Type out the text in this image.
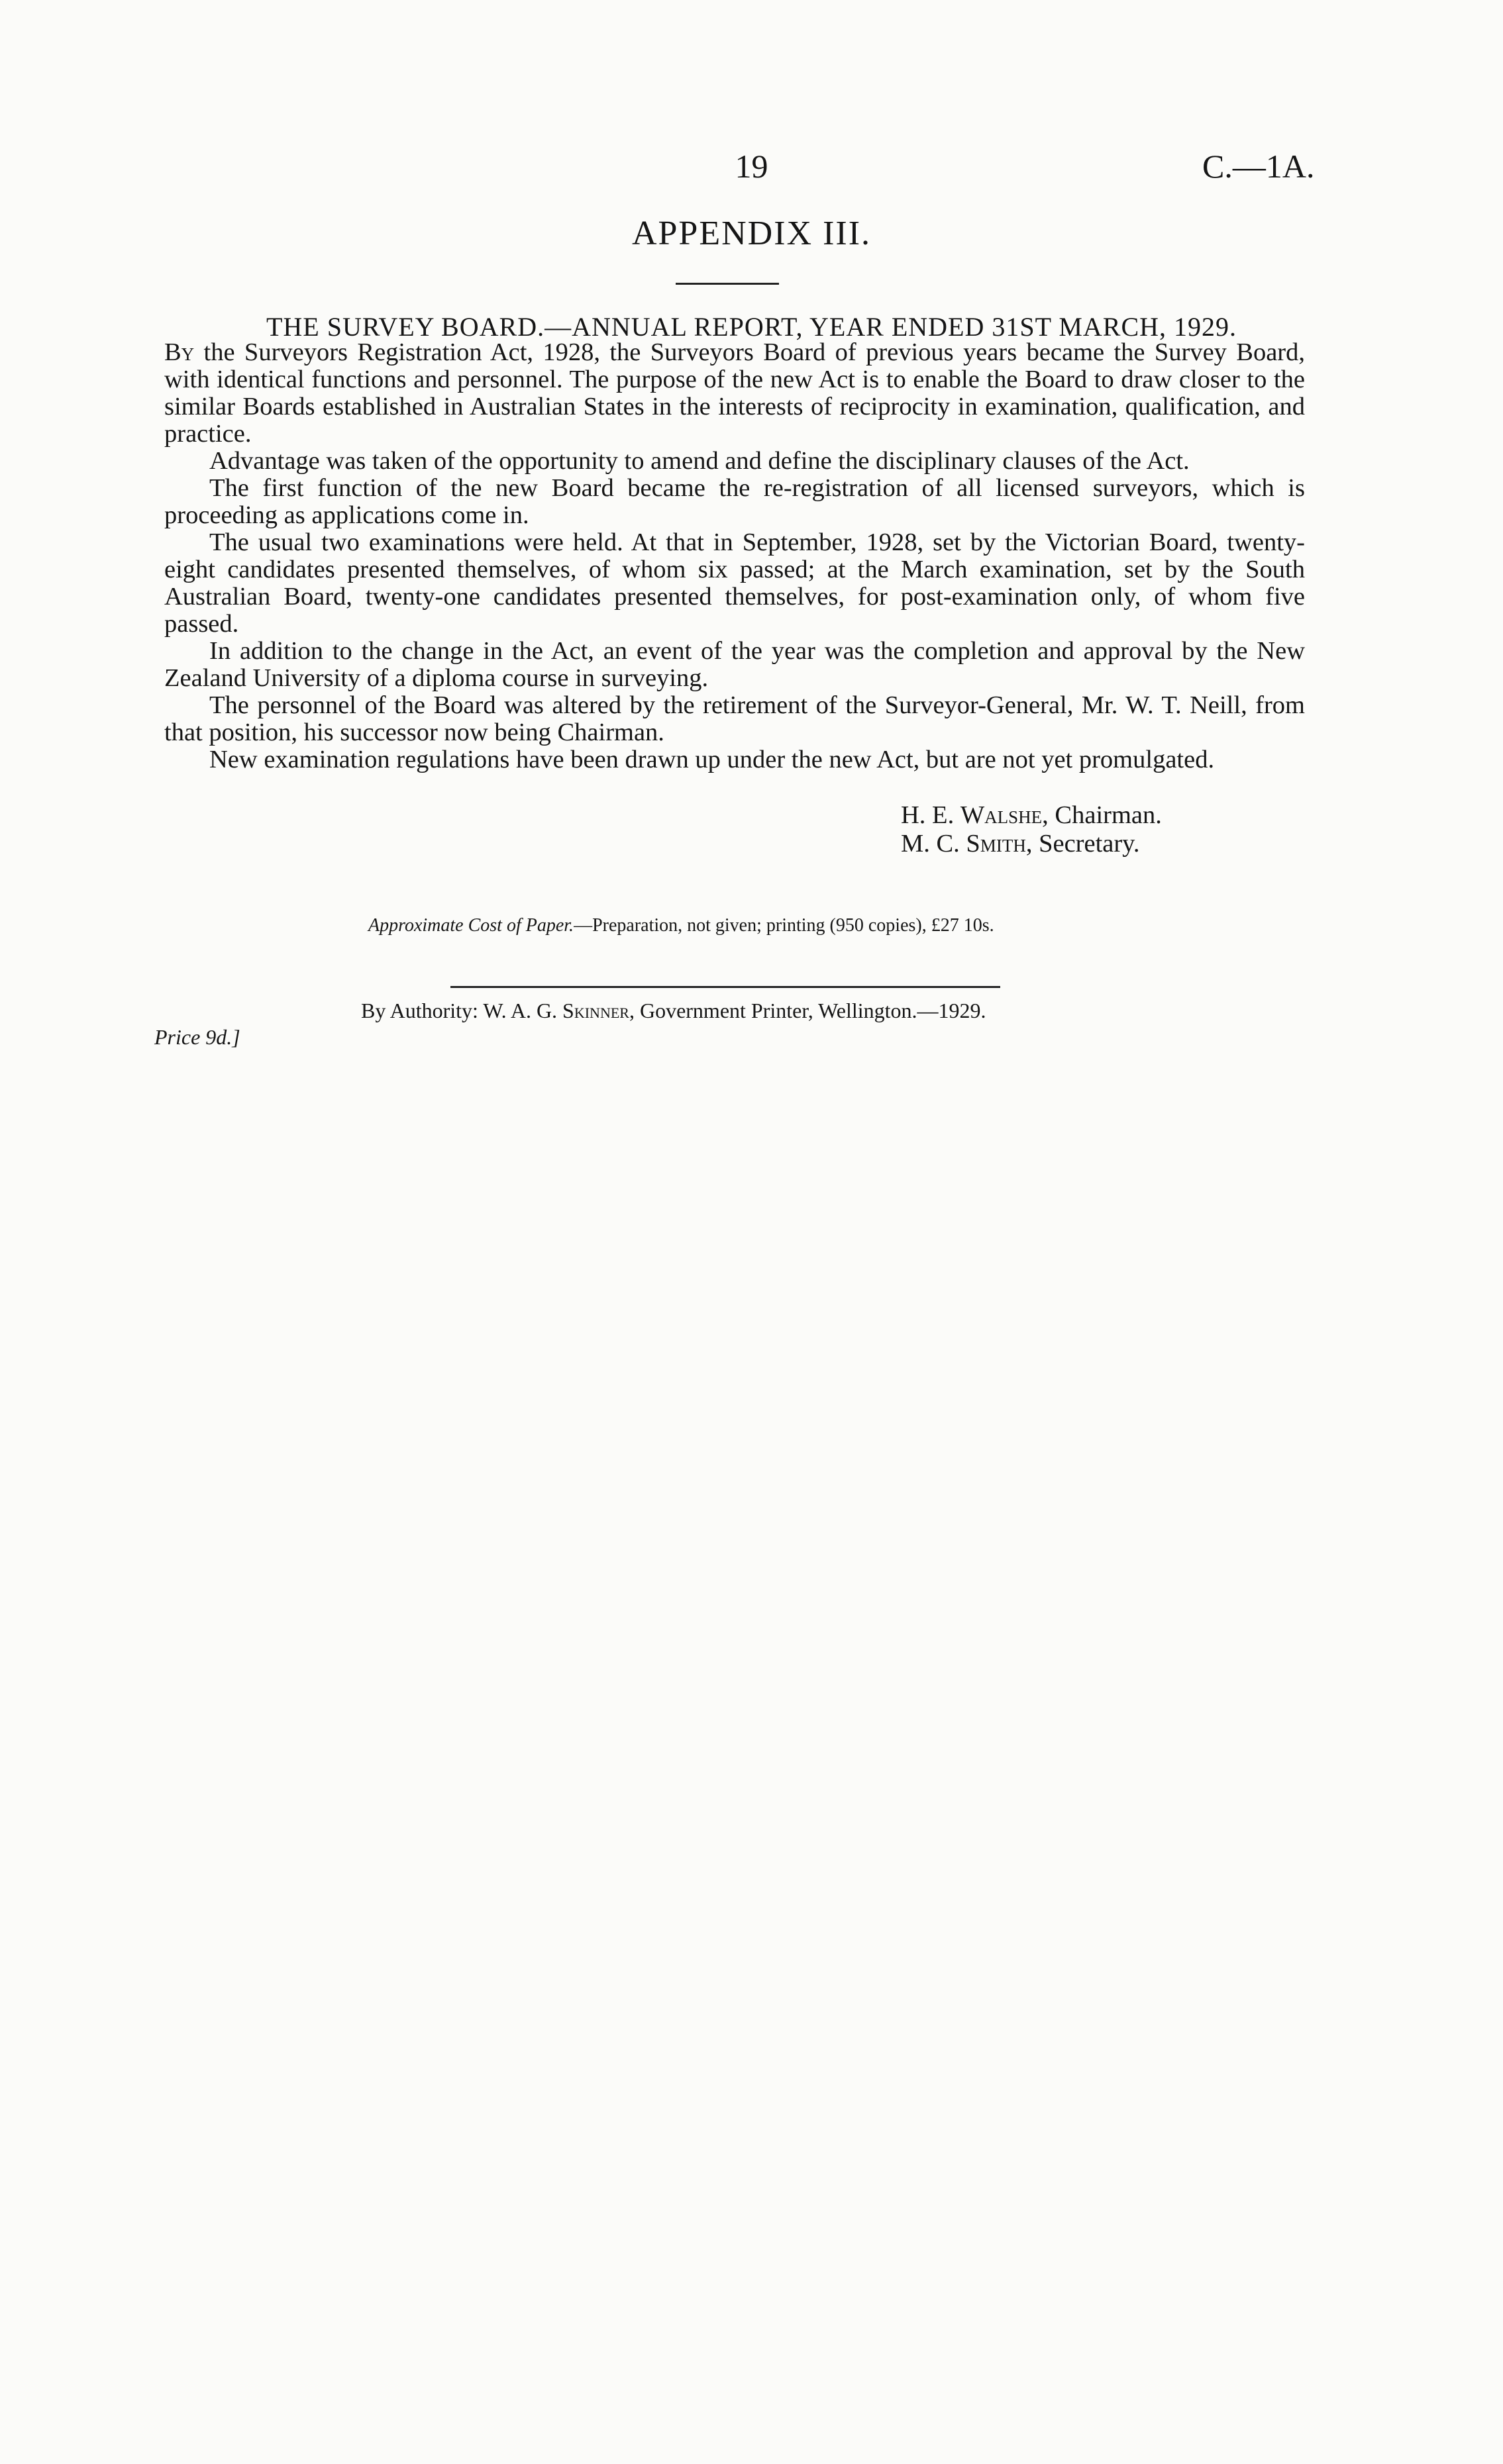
19	C.—1A.
APPENDIX III.
THE SURVEY BOARD.—ANNUAL REPORT, YEAR ENDED 31ST MARCH, 1929.

By the Surveyors Registration Act, 1928, the Surveyors Board of previous years became the Survey Board, with identical functions and personnel. The purpose of the new Act is to enable the Board to draw closer to the similar Boards established in Australian States in the interests of reciprocity in examination, qualification, and practice.

Advantage was taken of the opportunity to amend and define the disciplinary clauses of the Act.

The first function of the new Board became the re-registration of all licensed surveyors, which is proceeding as applications come in.

The usual two examinations were held. At that in September, 1928, set by the Victorian Board, twenty-eight candidates presented themselves, of whom six passed; at the March examination, set by the South Australian Board, twenty-one candidates presented themselves, for post-examination only, of whom five passed.

In addition to the change in the Act, an event of the year was the completion and approval by the New Zealand University of a diploma course in surveying.

The personnel of the Board was altered by the retirement of the Surveyor-General, Mr. W. T. Neill, from that position, his successor now being Chairman.

New examination regulations have been drawn up under the new Act, but are not yet promulgated.

H. E. Walshe, Chairman.
M. C. Smith, Secretary.
Approximate Cost of Paper.—Preparation, not given; printing (950 copies), £27 10s.
By Authority: W. A. G. Skinner, Government Printer, Wellington.—1929.
Price 9d.]
